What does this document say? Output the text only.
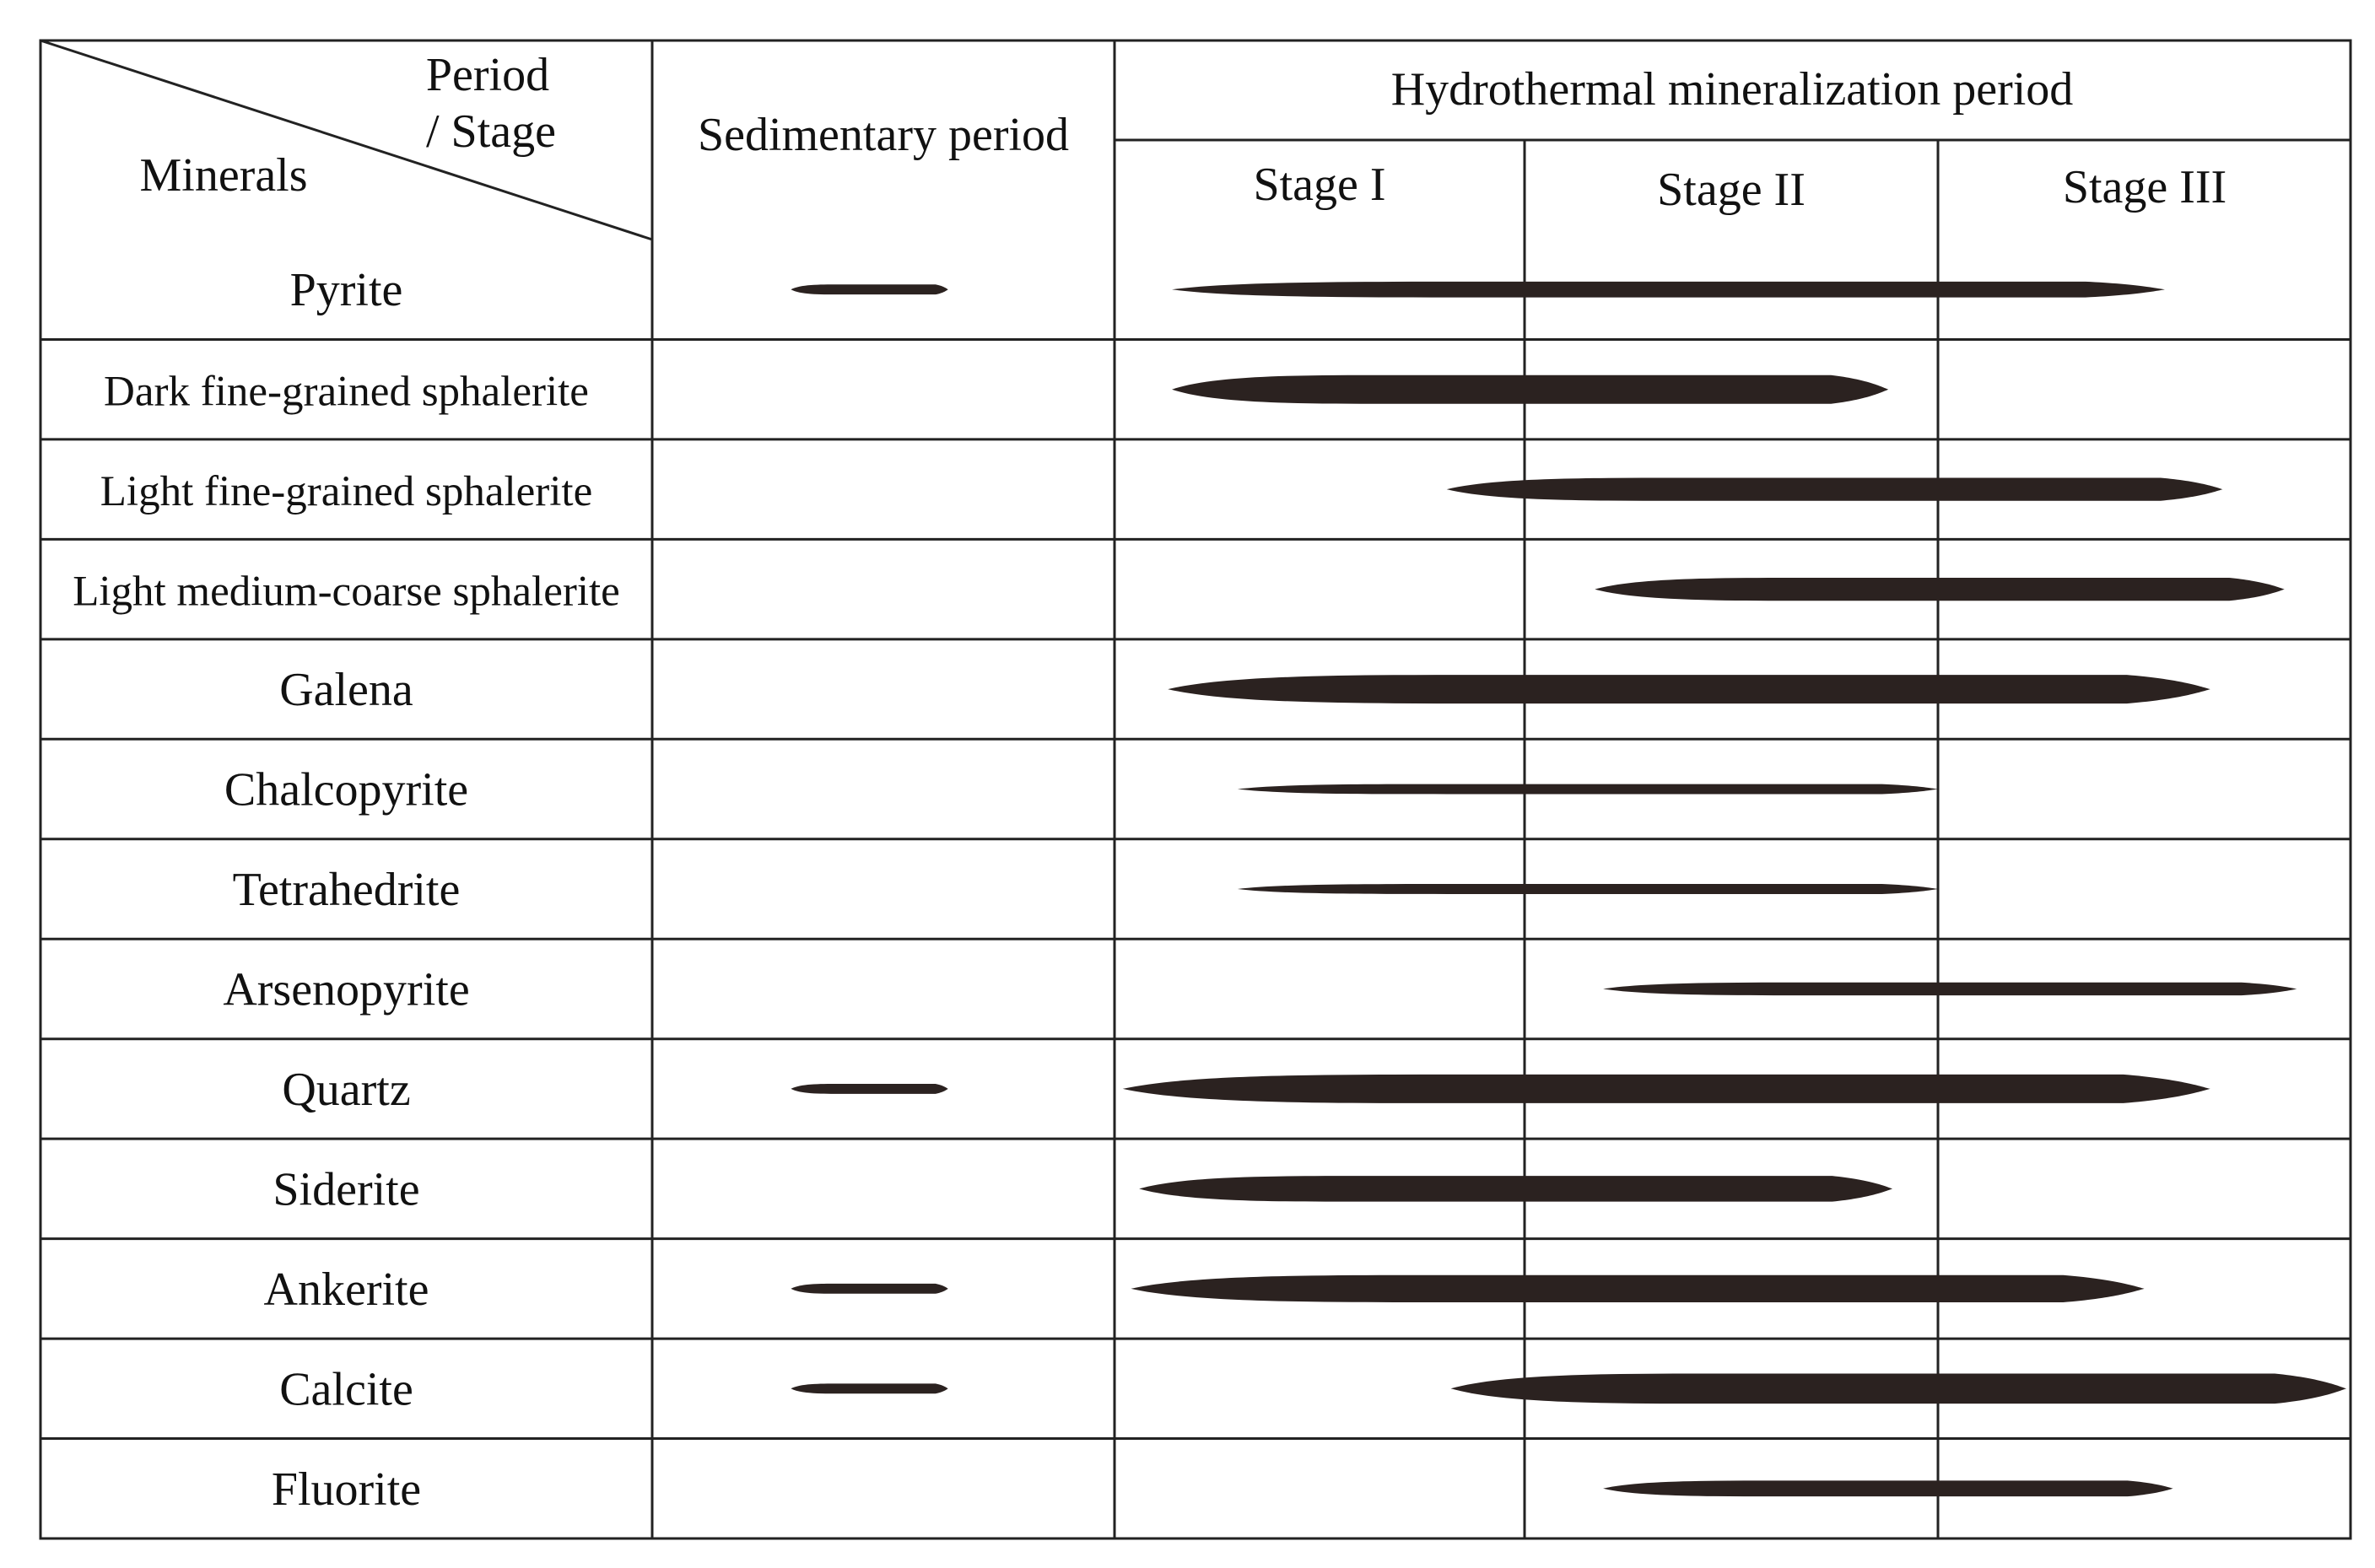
Period
/ Stage
Minerals
Sedimentary period
Hydrothermal mineralization period
Stage I	Stage II	Stage III
Pyrite
Dark fine-grained sphalerite
Light fine-grained sphalerite
Light medium-coarse sphalerite
Galena
Chalcopyrite
Tetrahedrite
Arsenopyrite
Quartz
Siderite
Ankerite
Calcite
Fluorite
